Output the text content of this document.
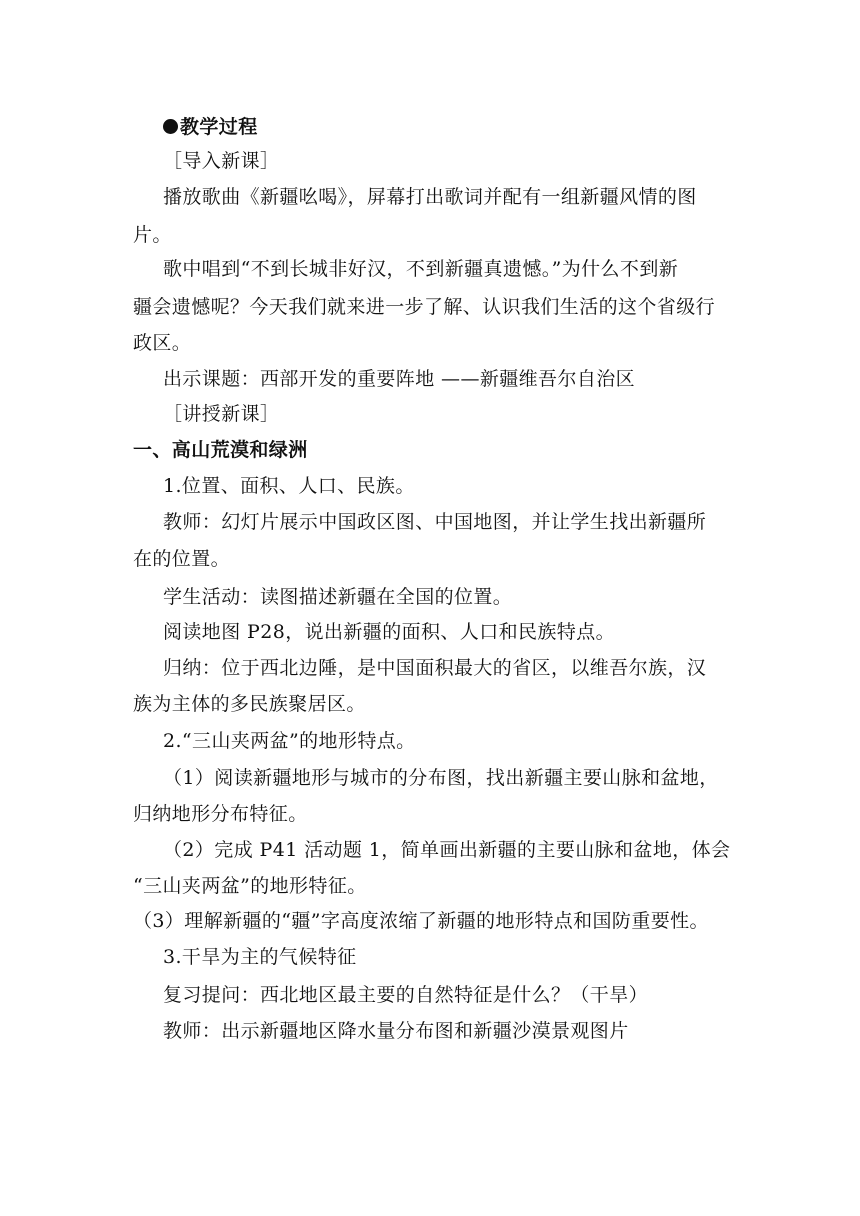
教学过程
［导入新课］
播放歌曲《新疆吆喝》，屏幕打出歌词并配有一组新疆风情的图
片。
歌中唱到“不到长城非好汉，不到新疆真遗憾。”为什么不到新
疆会遗憾呢？今天我们就来进一步了解、认识我们生活的这个省级行
政区。
出示课题：西部开发的重要阵地 ——新疆维吾尔自治区
［讲授新课］
一、高山荒漠和绿洲
1.位置、面积、人口、民族。
教师：幻灯片展示中国政区图、中国地图，并让学生找出新疆所
在的位置。
学生活动：读图描述新疆在全国的位置。
阅读地图 P28，说出新疆的面积、人口和民族特点。
归纳：位于西北边陲，是中国面积最大的省区，以维吾尔族，汉
族为主体的多民族聚居区。
2.“三山夹两盆”的地形特点。
（1）阅读新疆地形与城市的分布图，找出新疆主要山脉和盆地，
归纳地形分布特征。
（2）完成 P41 活动题 1，简单画出新疆的主要山脉和盆地，体会
“三山夹两盆”的地形特征。
（3）理解新疆的“疆”字高度浓缩了新疆的地形特点和国防重要性。
3.干旱为主的气候特征
复习提问：西北地区最主要的自然特征是什么？（干旱）
教师：出示新疆地区降水量分布图和新疆沙漠景观图片
